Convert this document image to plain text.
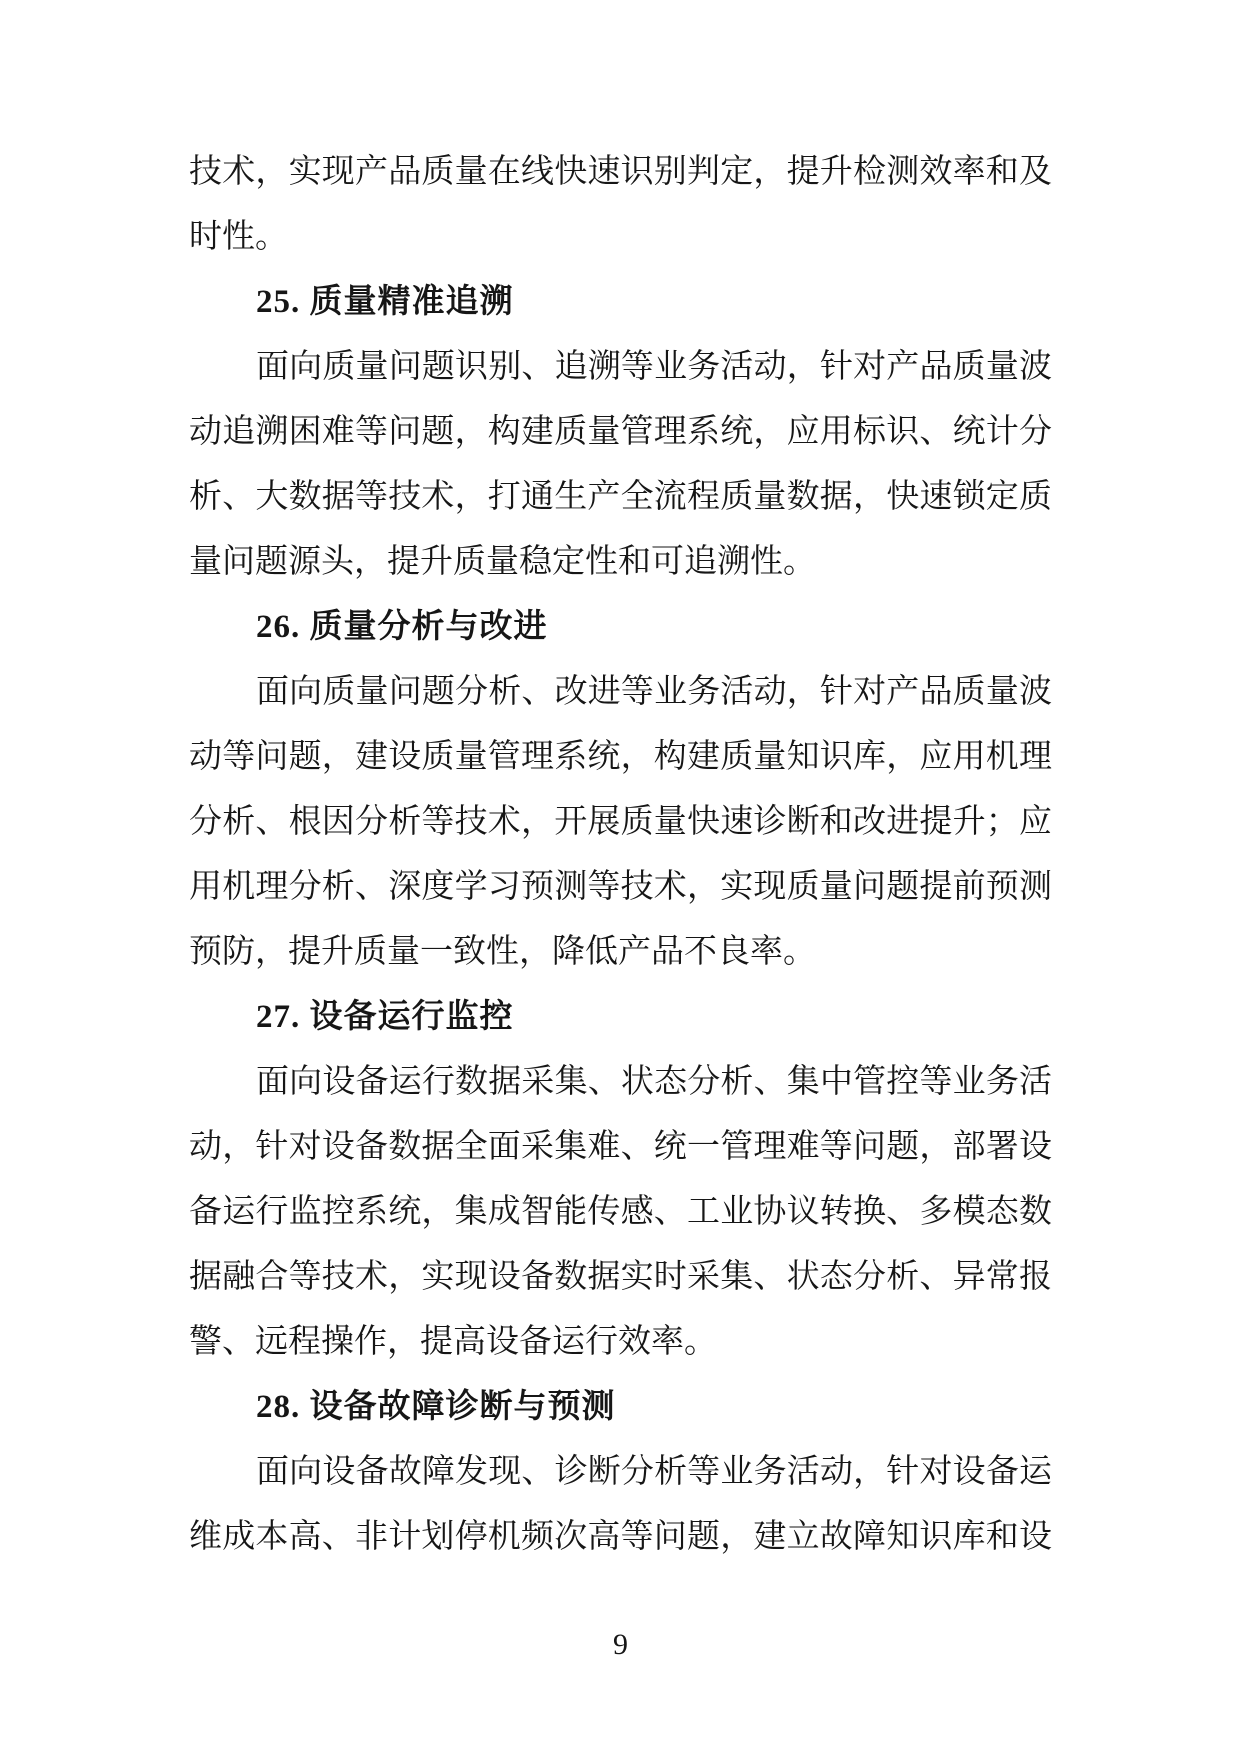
技术，实现产品质量在线快速识别判定，提升检测效率和及
时性。
25. 质量精准追溯
面向质量问题识别、追溯等业务活动，针对产品质量波
动追溯困难等问题，构建质量管理系统，应用标识、统计分
析、大数据等技术，打通生产全流程质量数据，快速锁定质
量问题源头，提升质量稳定性和可追溯性。
26. 质量分析与改进
面向质量问题分析、改进等业务活动，针对产品质量波
动等问题，建设质量管理系统，构建质量知识库，应用机理
分析、根因分析等技术，开展质量快速诊断和改进提升；应
用机理分析、深度学习预测等技术，实现质量问题提前预测
预防，提升质量一致性，降低产品不良率。
27. 设备运行监控
面向设备运行数据采集、状态分析、集中管控等业务活
动，针对设备数据全面采集难、统一管理难等问题，部署设
备运行监控系统，集成智能传感、工业协议转换、多模态数
据融合等技术，实现设备数据实时采集、状态分析、异常报
警、远程操作，提高设备运行效率。
28. 设备故障诊断与预测
面向设备故障发现、诊断分析等业务活动，针对设备运
维成本高、非计划停机频次高等问题，建立故障知识库和设
9
